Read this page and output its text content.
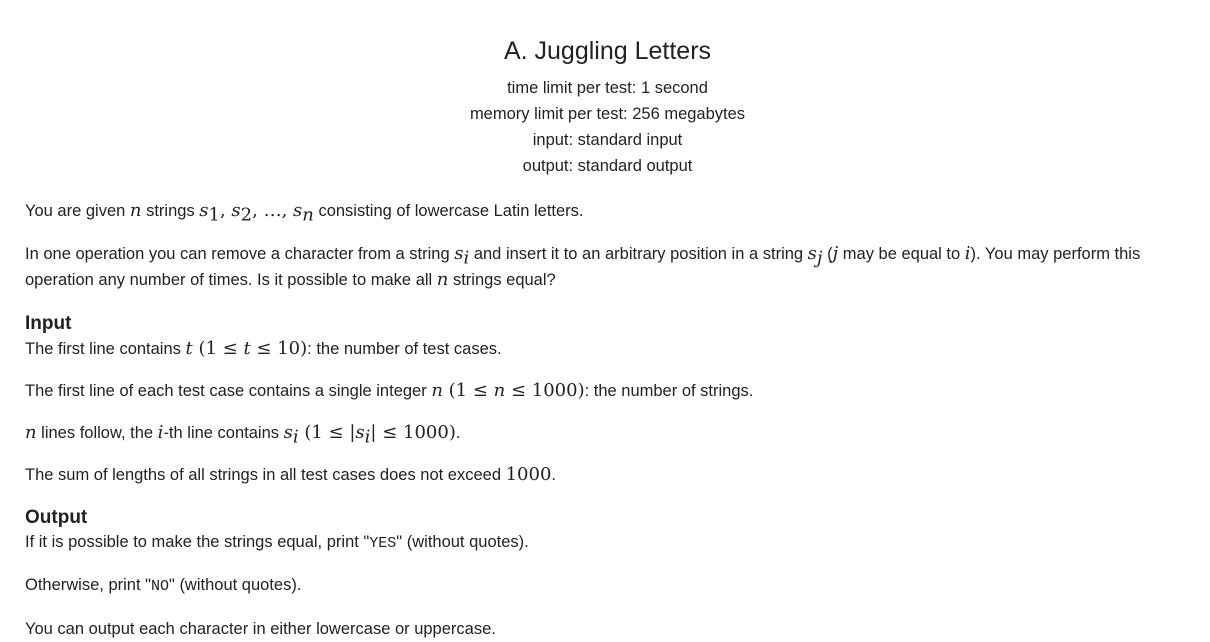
A. Juggling Letters
time limit per test: 1 second
memory limit per test: 256 megabytes
input: standard input
output: standard output

You are given n strings $s_1$, $s_2$, …, $s_n$ consisting of lowercase Latin letters.

In one operation you can remove a character from a string $s_i$ and insert it to an arbitrary position in a string $s_j$ (j may be equal to i). You may perform this operation any number of times. Is it possible to make all n strings equal?

Input

The first line contains t (1 ≤ t ≤ 10): the number of test cases.

The first line of each test case contains a single integer n (1 ≤ n ≤ 1000): the number of strings.

n lines follow, the i-th line contains $s_i$ $(1 \le |s_i| \le 1000)$.

The sum of lengths of all strings in all test cases does not exceed 1000.

Output

If it is possible to make the strings equal, print "YES" (without quotes).

Otherwise, print "NO" (without quotes).

You can output each character in either lowercase or uppercase.
